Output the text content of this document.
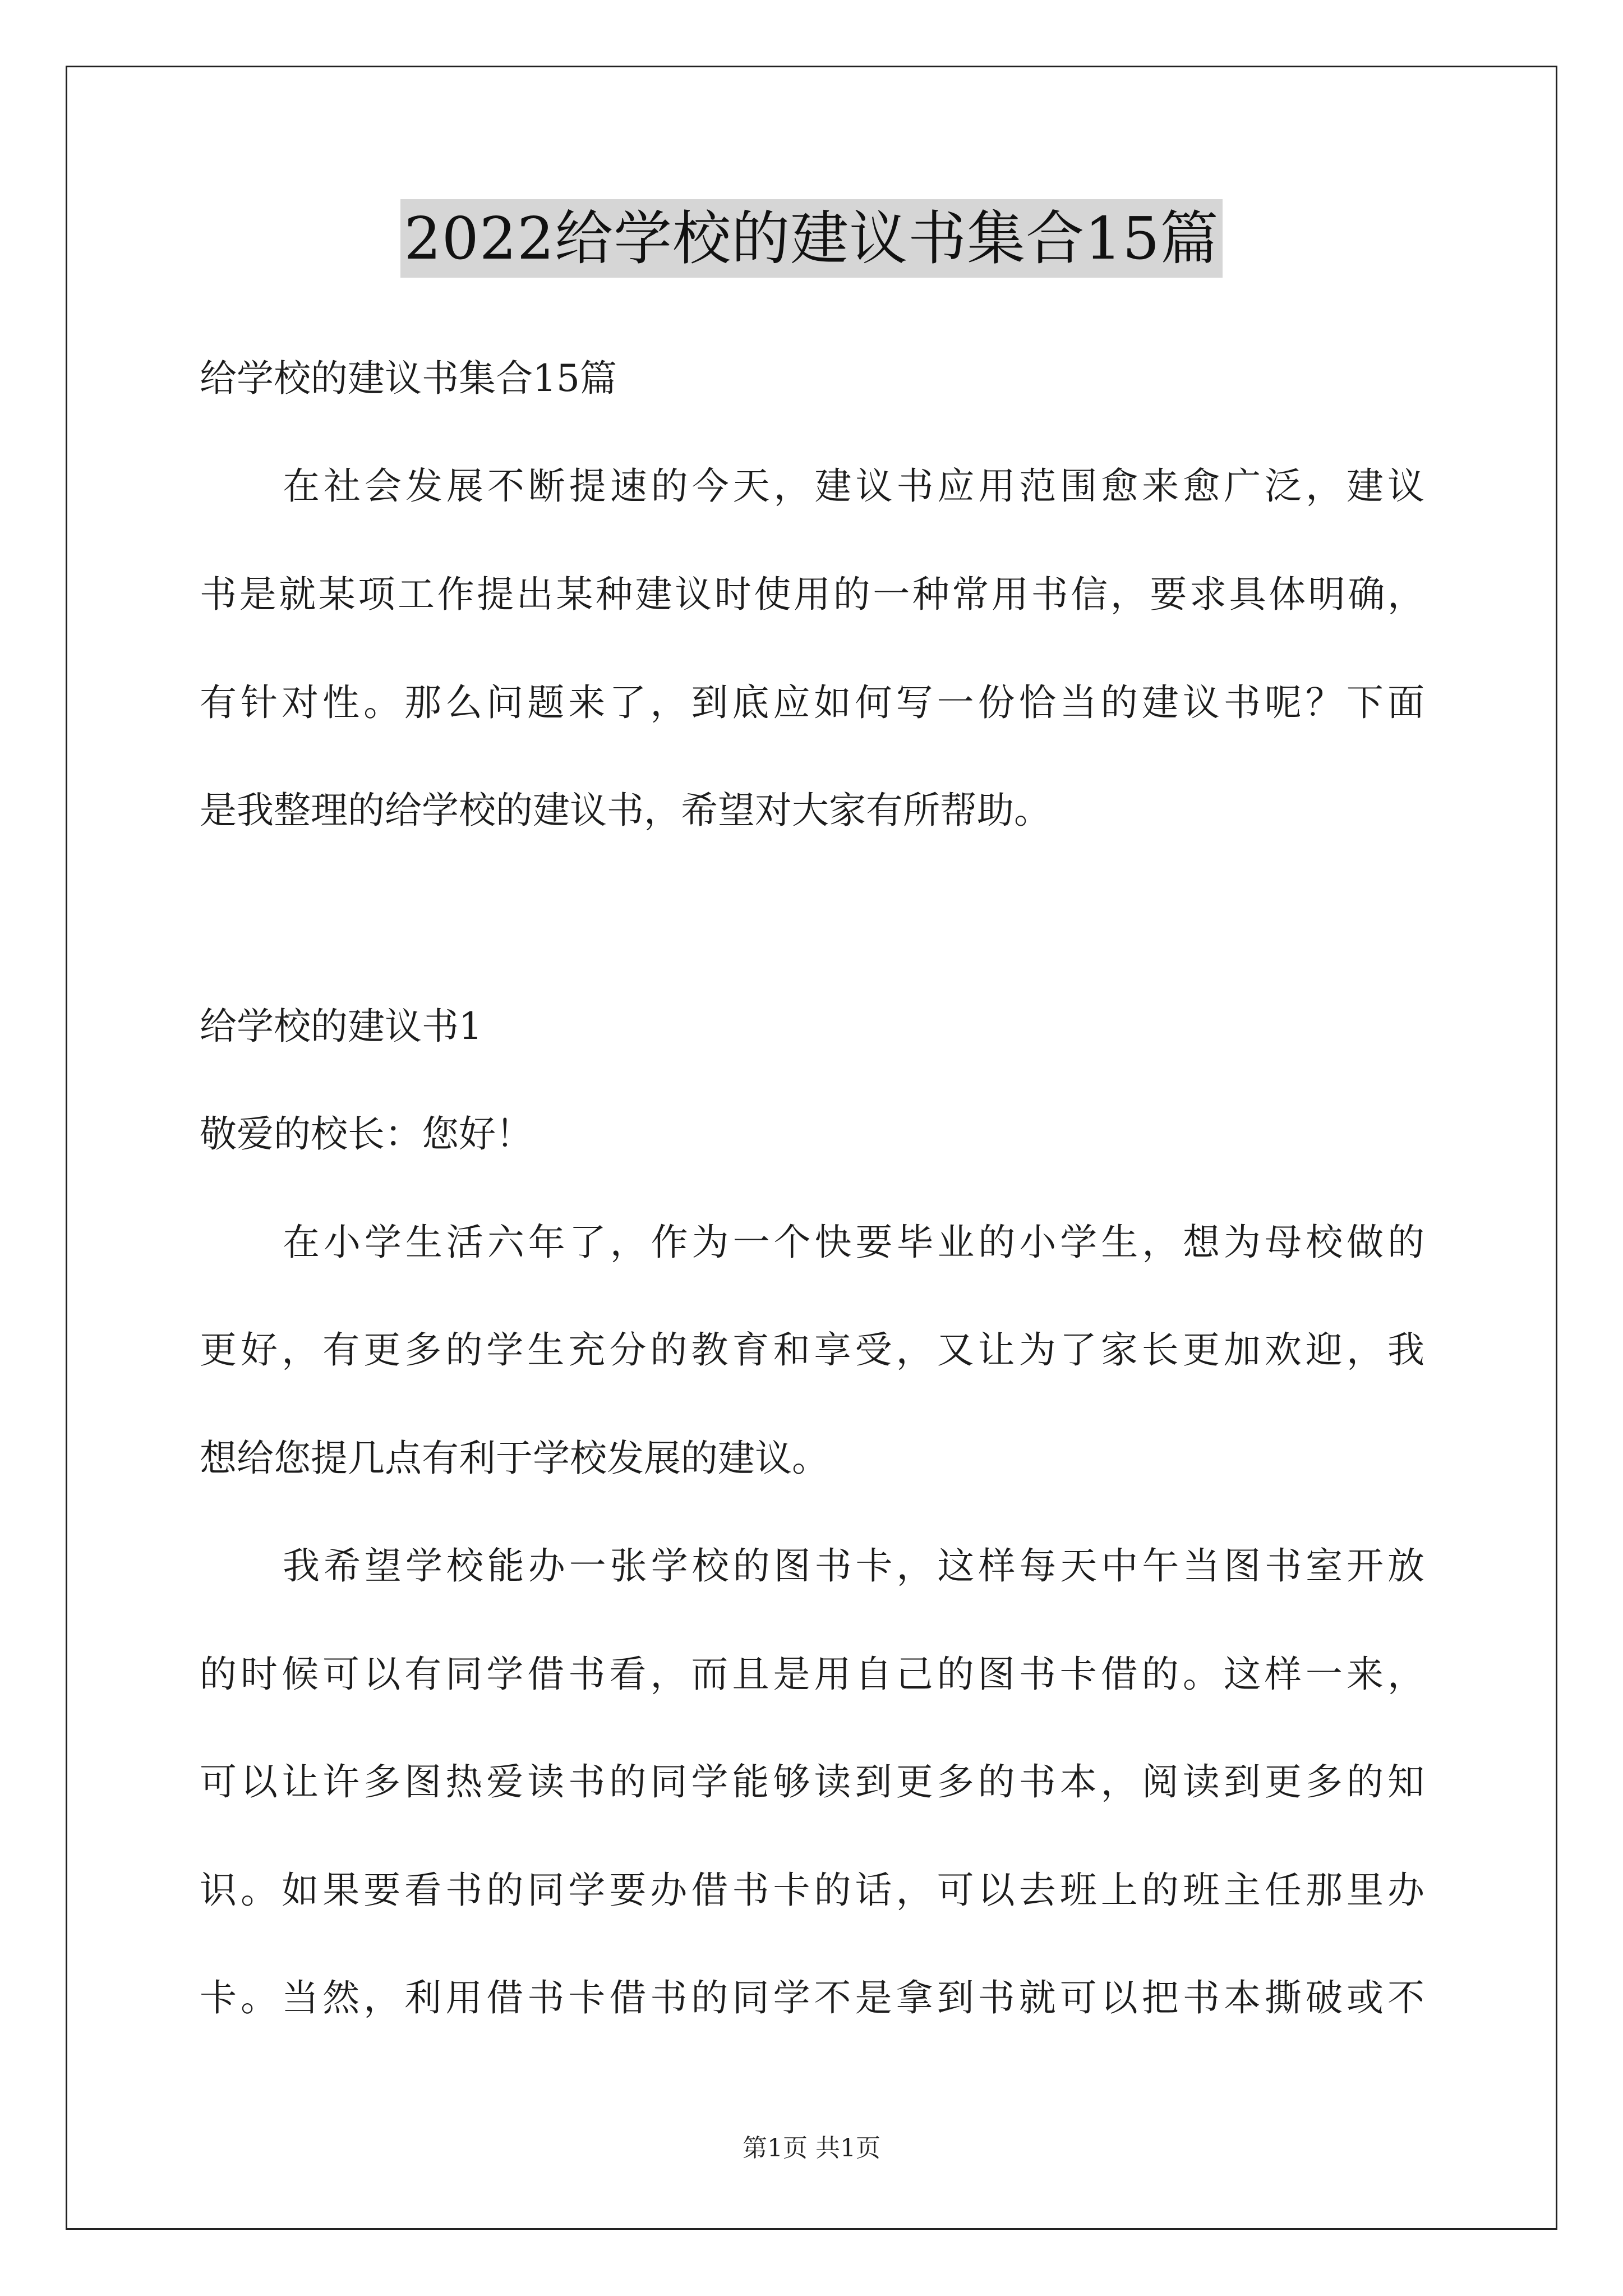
2022给学校的建议书集合15篇
给学校的建议书集合15篇
在社会发展不断提速的今天，建议书应用范围愈来愈广泛，建议
书是就某项工作提出某种建议时使用的一种常用书信，要求具体明确，
有针对性。那么问题来了，到底应如何写一份恰当的建议书呢？下面
是我整理的给学校的建议书，希望对大家有所帮助。
给学校的建议书1
敬爱的校长：您好！
在小学生活六年了，作为一个快要毕业的小学生，想为母校做的
更好，有更多的学生充分的教育和享受，又让为了家长更加欢迎，我
想给您提几点有利于学校发展的建议。
我希望学校能办一张学校的图书卡，这样每天中午当图书室开放
的时候可以有同学借书看，而且是用自己的图书卡借的。这样一来，
可以让许多图热爱读书的同学能够读到更多的书本，阅读到更多的知
识。如果要看书的同学要办借书卡的话，可以去班上的班主任那里办
卡。当然，利用借书卡借书的同学不是拿到书就可以把书本撕破或不
第1页 共1页
